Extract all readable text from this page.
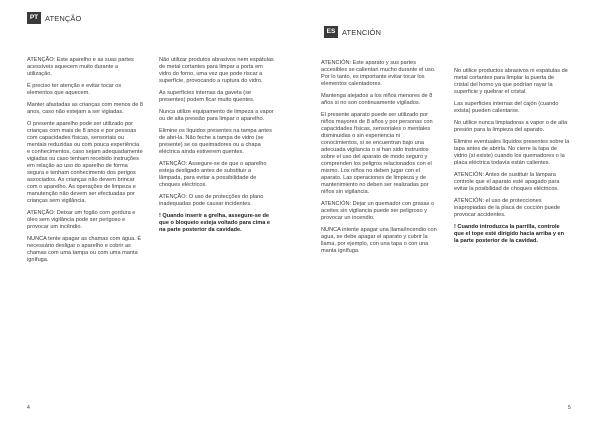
PT ATENÇÃO

ATENÇÃO: Este aparelho e as suas partes acessíveis aquecem muito durante a utilização.

É preciso ter atenção e evitar tocar os elementos que aquecem.

Manter afastadas as crianças com menos de 8 anos, caso não estejam a ser vigiadas.

O presente aparelho pode ser utilizado por crianças com mais de 8 anos e por pessoas com capacidades físicas, sensoriais ou mentais reduzidas ou com pouca experiência e conhecimentos, caso sejam adequadamente vigiadas ou caso tenham recebido instruções em relação ao uso do aparelho de forma segura e tenham conhecimento dos perigos associados. As crianças não devem brincar com o aparelho. As operações de limpeza e manutenção não devem ser efectuadas por crianças sem vigilância.

ATENÇÃO: Deixar um fogão com gordura e óleo sem vigilância pode ser perigoso e provocar um incêndio.

NUNCA tente apagar as chamas com água. É necessário desligar o aparelho e cobrir as chamas com uma tampa ou com uma manta ignífuga.

Não utilizar produtos abrasivos nem espátulas de metal cortantes para limpar a porta em vidro do forno, uma vez que pode riscar a superfície, provocando a ruptura do vidro.

As superfícies internas da gaveta (se presentes) podem ficar muito quentes.

Nunca utilize equipamento de limpeza a vapor ou de alta pressão para limpar o aparelho.

Elimine os líquidos presentes na tampa antes de abri-la. Não feche a tampa de vidro (se presente) se os queimadores ou a chapa eléctrica ainda estiverem quentes.

ATENÇÃO: Assegure-se de que o aparelho esteja desligado antes de substituir a lâmpada, para evitar a possibilidade de choques eléctricos.

ATENÇÃO: O uso de protecções do plano inadequadas pode causar incidentes.

! Quando inserir a grelha, assegure-se de que o bloqueio esteja voltado para cima e na parte posterior da cavidade.

4
ES ATENCIÓN

ATENCIÓN: Este aparato y sus partes accesibles se calientan mucho durante el uso. Por lo tanto, es importante evitar tocar los elementos calentadores.

Mantenga alejados a los niños menores de 8 años si no son continuamente vigilados.

El presente aparato puede ser utilizado por niños mayores de 8 años y por personas con capacidades físicas, sensoriales o mentales disminuidas o sin experiencia ni conocimientos, si se encuentran bajo una adecuada vigilancia o si han sido instruidos sobre el uso del aparato de modo seguro y comprenden los peligros relacionados con el mismo. Los niños no deben jugar con el aparato. Las operaciones de limpieza y de mantenimiento no deben ser realizadas por niños sin vigilancia.

ATENCIÓN: Dejar un quemador con grasas o aceites sin vigilancia puede ser peligroso y provocar un incendio.

NUNCA intente apagar una llama/incendio con agua, se debe apagar el aparato y cubrir la llama, por ejemplo, con una tapa o con una manta ignífuga.

No utilice productos abrasivos ni espátulas de metal cortantes para limpiar la puerta de cristal del horno ya que podrían rayar la superficie y quebrar el cristal.

Las superficies internas del cajón (cuando exista) pueden calentarse.

No utilice nunca limpiadoras a vapor o de alta presión para la limpieza del aparato.

Elimine eventuales líquidos presentes sobre la tapa antes de abrirla. No cierre la tapa de vidrio (si existe) cuando los quemadores o la placa eléctrica todavía están calientes.

ATENCIÓN: Antes de sustituir la lámpara controle que el aparato esté apagado para evitar la posibilidad de choques eléctricos.

ATENCIÓN: el uso de protecciones inapropiadas de la placa de cocción puede provocar accidentes.

! Cuando introduzca la parrilla, controle que el tope esté dirigido hacia arriba y en la parte posterior de la cavidad.

5
